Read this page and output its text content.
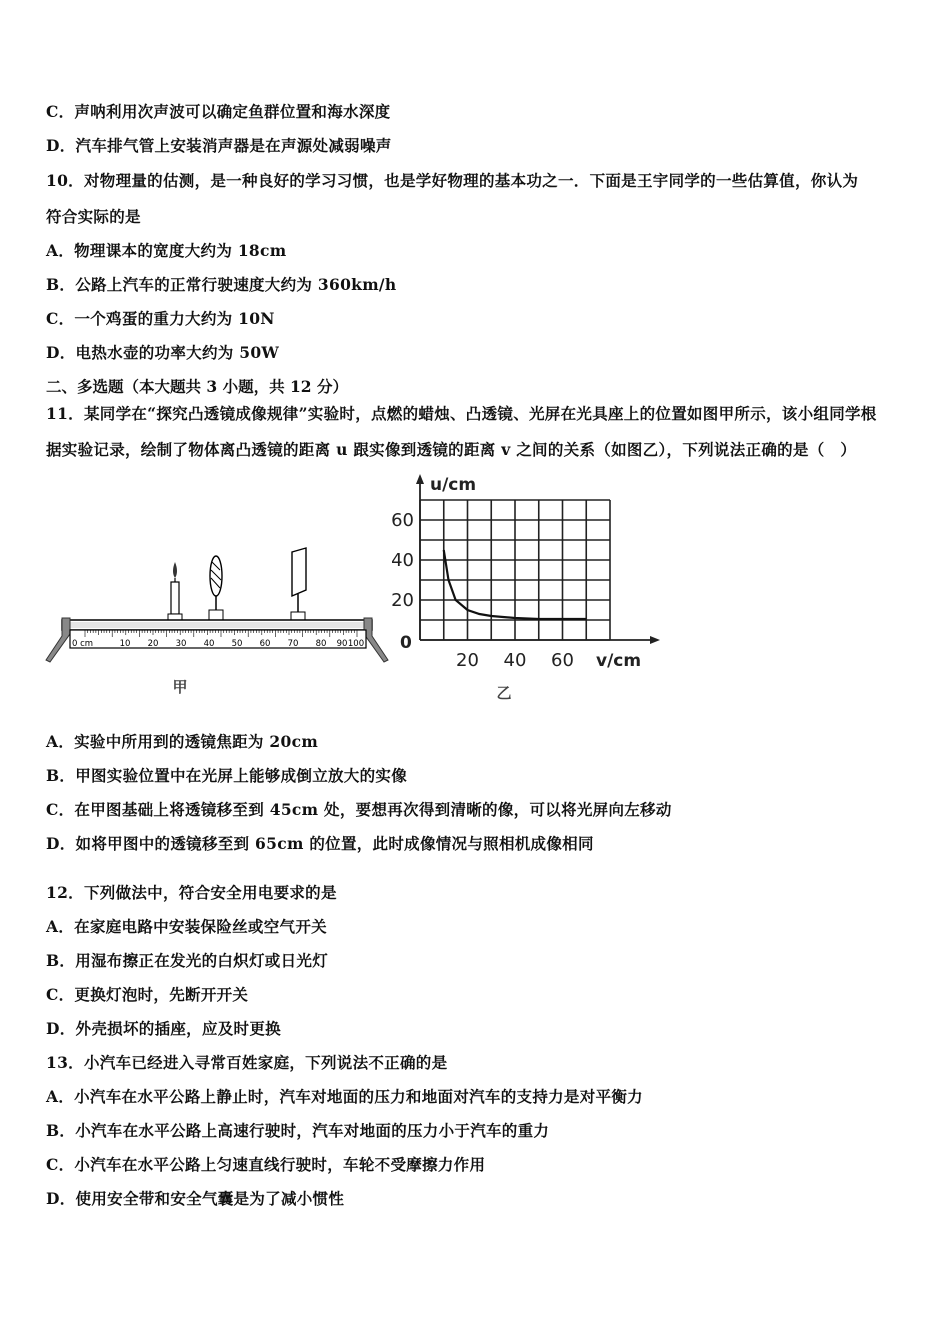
C．声呐利用次声波可以确定鱼群位置和海水深度
D．汽车排气管上安装消声器是在声源处减弱噪声
10．对物理量的估测，是一种良好的学习习惯，也是学好物理的基本功之一．下面是王宇同学的一些估算值，你认为
符合实际的是
A．物理课本的宽度大约为 18cm
B．公路上汽车的正常行驶速度大约为 360km/h
C．一个鸡蛋的重力大约为 10N
D．电热水壶的功率大约为 50W
二、多选题（本大题共 3 小题，共 12 分）
11．某同学在“探究凸透镜成像规律”实验时，点燃的蜡烛、凸透镜、光屏在光具座上的位置如图甲所示，该小组同学根
据实验记录，绘制了物体离凸透镜的距离 u 跟实像到透镜的距离 v 之间的关系（如图乙），下列说法正确的是（　）
0 cm	10 20 30 40 50 60 70 80 90 100
甲
20 40 60
60
40
20
u/cm
v/cm
0
乙
A．实验中所用到的透镜焦距为 20cm
B．甲图实验位置中在光屏上能够成倒立放大的实像
C．在甲图基础上将透镜移至到 45cm 处，要想再次得到清晰的像，可以将光屏向左移动
D．如将甲图中的透镜移至到 65cm 的位置，此时成像情况与照相机成像相同
12．下列做法中，符合安全用电要求的是
A．在家庭电路中安装保险丝或空气开关
B．用湿布擦正在发光的白炽灯或日光灯
C．更换灯泡时，先断开开关
D．外壳损坏的插座，应及时更换
13．小汽车已经进入寻常百姓家庭，下列说法不正确的是
A．小汽车在水平公路上静止时，汽车对地面的压力和地面对汽车的支持力是对平衡力
B．小汽车在水平公路上高速行驶时，汽车对地面的压力小于汽车的重力
C．小汽车在水平公路上匀速直线行驶时，车轮不受摩擦力作用
D．使用安全带和安全气囊是为了减小惯性
